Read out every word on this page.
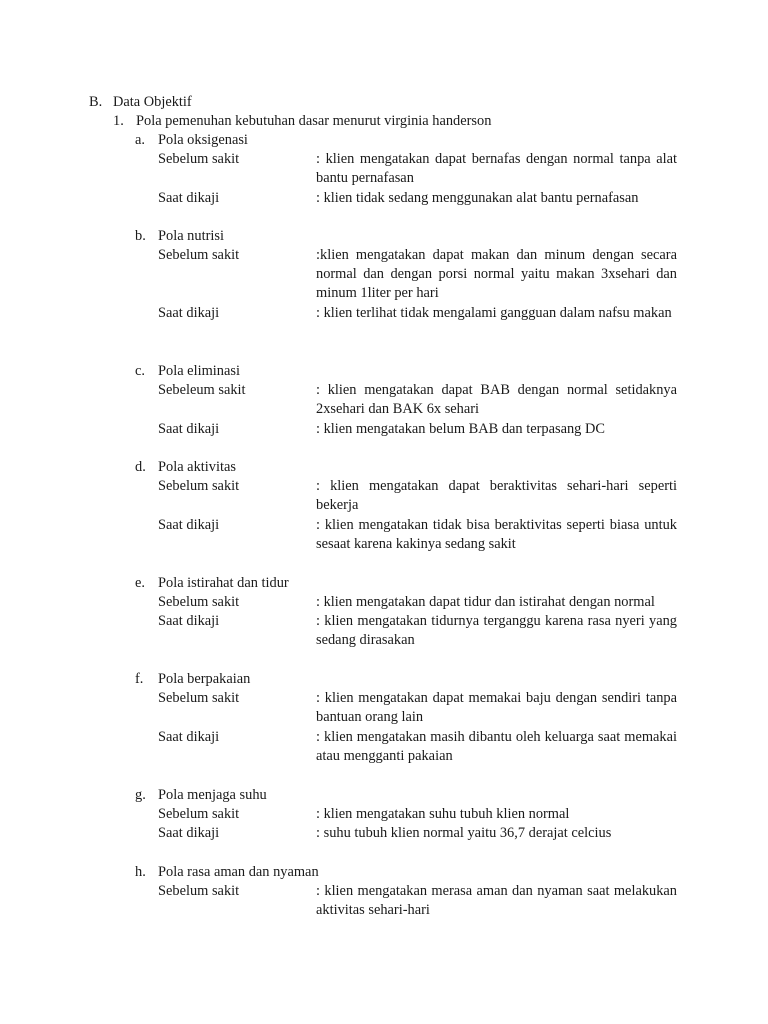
B. Data Objektif
1. Pola pemenuhan kebutuhan dasar menurut virginia handerson
a. Pola oksigenasi
Sebelum sakit	: klien mengatakan dapat bernafas dengan normal tanpa alat bantu pernafasan
Saat dikaji	: klien tidak sedang menggunakan alat bantu pernafasan
b. Pola nutrisi
Sebelum sakit	:klien mengatakan dapat makan dan minum dengan secara normal dan dengan porsi normal yaitu makan 3xsehari dan minum 1liter per hari
Saat dikaji	: klien terlihat tidak mengalami gangguan dalam nafsu makan
c. Pola eliminasi
Sebeleum sakit	: klien mengatakan dapat BAB dengan normal setidaknya 2xsehari dan BAK 6x sehari
Saat dikaji	: klien mengatakan belum BAB dan terpasang DC
d. Pola aktivitas
Sebelum sakit	: klien mengatakan dapat beraktivitas sehari-hari seperti bekerja
Saat dikaji	: klien mengatakan tidak bisa beraktivitas seperti biasa untuk sesaat karena kakinya sedang sakit
e. Pola istirahat dan tidur
Sebelum sakit	: klien mengatakan dapat tidur dan istirahat dengan normal
Saat dikaji	: klien mengatakan tidurnya terganggu karena rasa nyeri yang sedang dirasakan
f. Pola berpakaian
Sebelum sakit	: klien mengatakan dapat memakai baju dengan sendiri tanpa bantuan orang lain
Saat dikaji	: klien mengatakan masih dibantu oleh keluarga saat memakai atau mengganti pakaian
g. Pola menjaga suhu
Sebelum sakit	: klien mengatakan suhu tubuh klien normal
Saat dikaji	: suhu tubuh klien normal yaitu 36,7 derajat celcius
h. Pola rasa aman dan nyaman
Sebelum sakit	: klien mengatakan merasa aman dan nyaman saat melakukan aktivitas sehari-hari
